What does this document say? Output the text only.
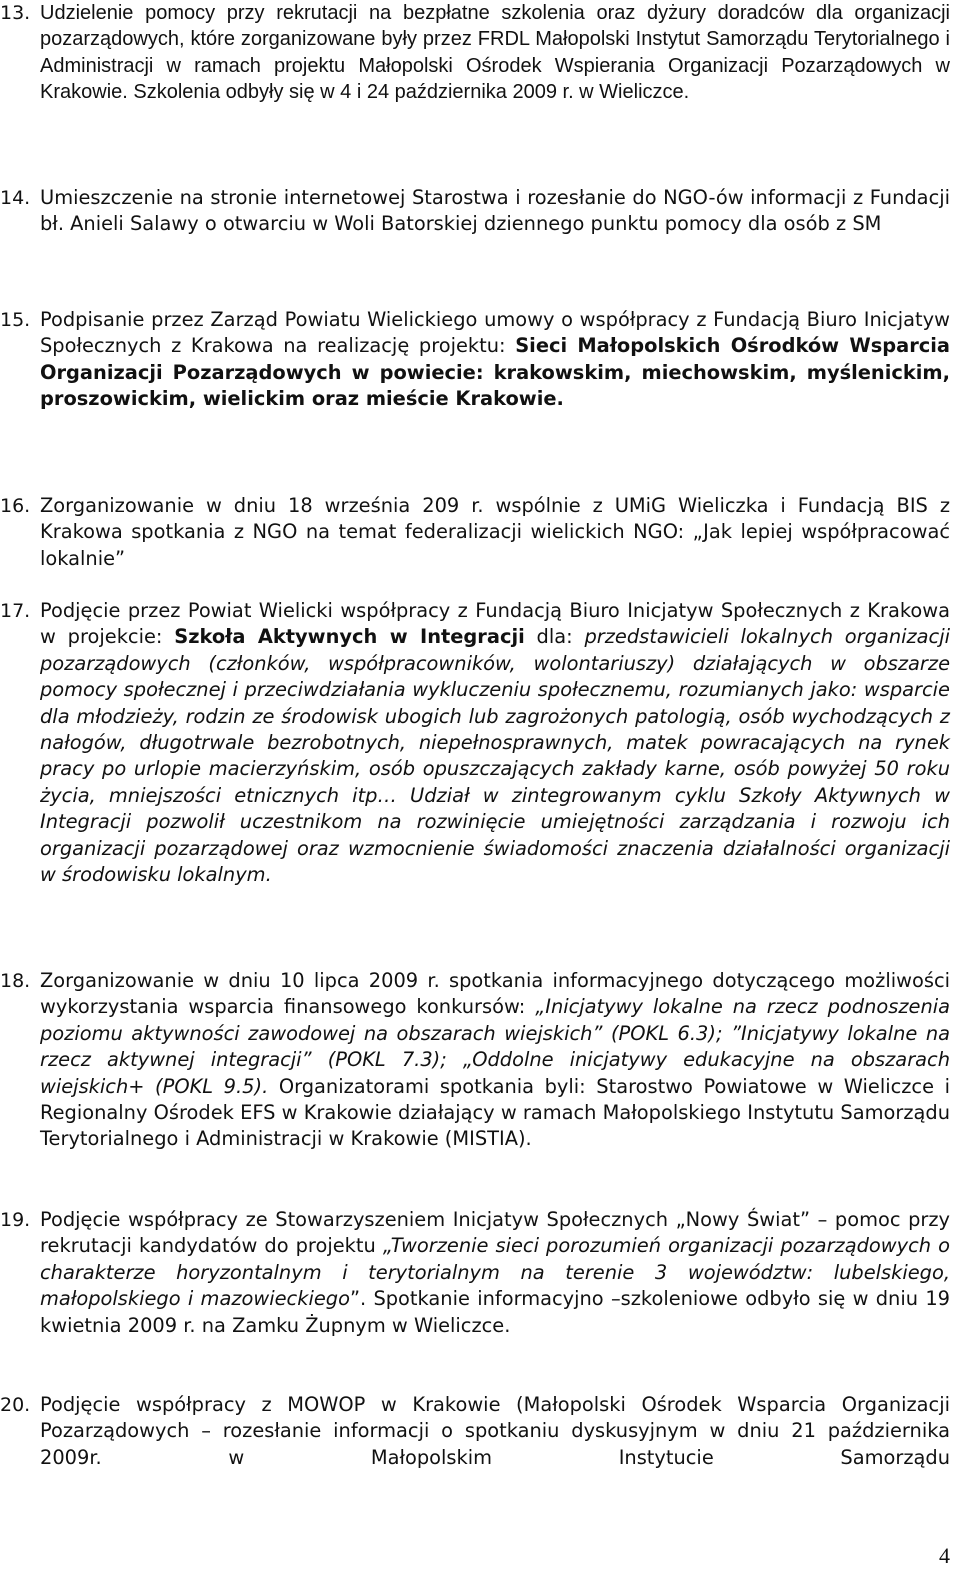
13. Udzielenie pomocy przy rekrutacji na bezpłatne szkolenia oraz dyżury doradców dla organizacji pozarządowych, które zorganizowane były przez FRDL Małopolski Instytut Samorządu Terytorialnego i Administracji w ramach projektu Małopolski Ośrodek Wspierania Organizacji Pozarządowych w Krakowie. Szkolenia odbyły się w 4 i 24 października 2009 r. w Wieliczce.
14. Umieszczenie na stronie internetowej Starostwa i rozesłanie do NGO-ów informacji z Fundacji bł. Anieli Salawy o otwarciu w Woli Batorskiej dziennego punktu pomocy dla osób z SM
15. Podpisanie przez Zarząd Powiatu Wielickiego umowy o współpracy z Fundacją Biuro Inicjatyw Społecznych z Krakowa na realizację projektu: Sieci Małopolskich Ośrodków Wsparcia Organizacji Pozarządowych w powiecie: krakowskim, miechowskim, myślenickim, proszowickim, wielickim oraz mieście Krakowie.
16. Zorganizowanie w dniu 18 września 209 r. wspólnie z UMiG Wieliczka i Fundacją BIS z Krakowa spotkania z NGO na temat federalizacji wielickich NGO: „Jak lepiej współpracować lokalnie”
17. Podjęcie przez Powiat Wielicki współpracy z Fundacją Biuro Inicjatyw Społecznych z Krakowa w projekcie: Szkoła Aktywnych w Integracji dla: przedstawicieli lokalnych organizacji pozarządowych (członków, współpracowników, wolontariuszy) działających w obszarze pomocy społecznej i przeciwdziałania wykluczeniu społecznemu, rozumianych jako: wsparcie dla młodzieży, rodzin ze środowisk ubogich lub zagrożonych patologią, osób wychodzących z nałogów, długotrwale bezrobotnych, niepełnosprawnych, matek powracających na rynek pracy po urlopie macierzyńskim, osób opuszczających zakłady karne, osób powyżej 50 roku życia, mniejszości etnicznych itp… Udział w zintegrowanym cyklu Szkoły Aktywnych w Integracji pozwolił uczestnikom na rozwinięcie umiejętności zarządzania i rozwoju ich organizacji pozarządowej oraz wzmocnienie świadomości znaczenia działalności organizacji w środowisku lokalnym.
18. Zorganizowanie w dniu 10 lipca 2009 r. spotkania informacyjnego dotyczącego możliwości wykorzystania wsparcia finansowego konkursów: „Inicjatywy lokalne na rzecz podnoszenia poziomu aktywności zawodowej na obszarach wiejskich” (POKL 6.3); ”Inicjatywy lokalne na rzecz aktywnej integracji” (POKL 7.3); „Oddolne inicjatywy edukacyjne na obszarach wiejskich+ (POKL 9.5). Organizatorami spotkania byli: Starostwo Powiatowe w Wieliczce i Regionalny Ośrodek EFS w Krakowie działający w ramach Małopolskiego Instytutu Samorządu Terytorialnego i Administracji w Krakowie (MISTIA).
19. Podjęcie współpracy ze Stowarzyszeniem Inicjatyw Społecznych „Nowy Świat” – pomoc przy rekrutacji kandydatów do projektu „Tworzenie sieci porozumień organizacji pozarządowych o charakterze horyzontalnym i terytorialnym na terenie 3 województw: lubelskiego, małopolskiego i mazowieckiego”. Spotkanie informacyjno –szkoleniowe odbyło się w dniu 19 kwietnia 2009 r. na Zamku Żupnym w Wieliczce.
20. Podjęcie współpracy z MOWOP w Krakowie (Małopolski Ośrodek Wsparcia Organizacji Pozarządowych – rozesłanie informacji o spotkaniu dyskusyjnym w dniu 21 października 2009r. w Małopolskim Instytucie Samorządu
4
